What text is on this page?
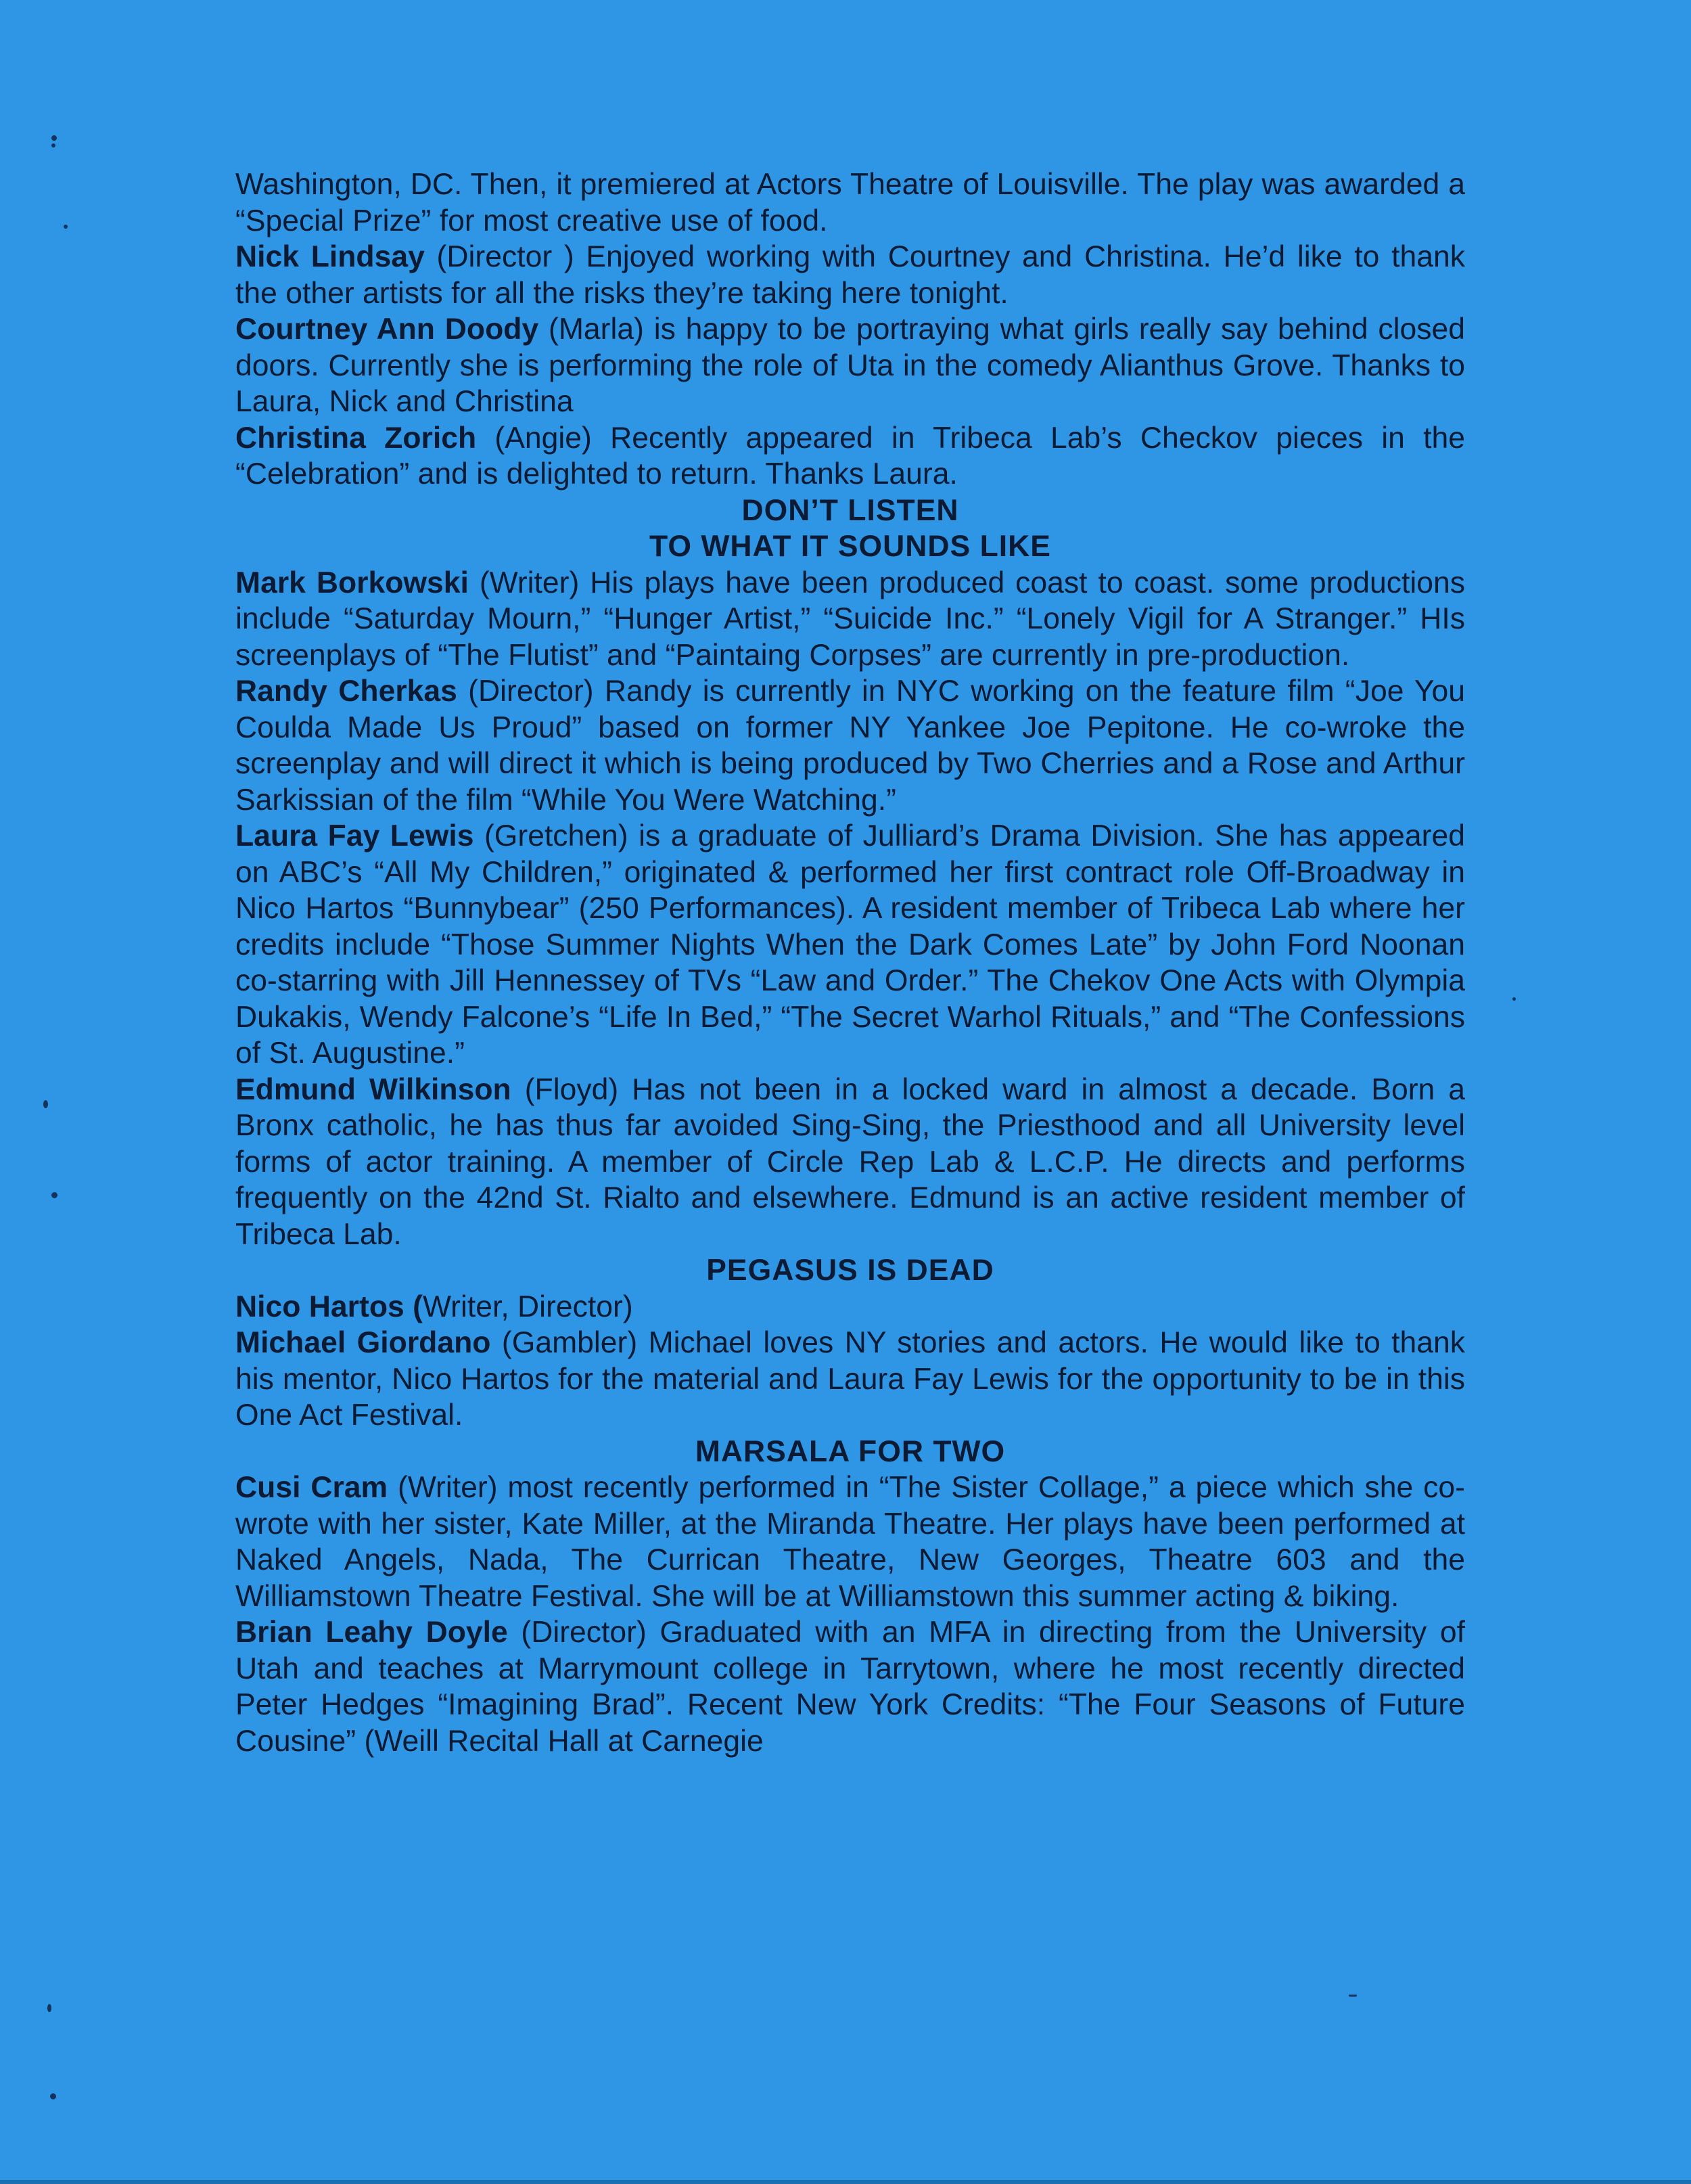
Washington, DC. Then, it premiered at Actors Theatre of Louisville. The play was awarded a “Special Prize” for most creative use of food.

Nick Lindsay (Director ) Enjoyed working with Courtney and Christina. He’d like to thank the other artists for all the risks they’re taking here tonight.

Courtney Ann Doody (Marla) is happy to be portraying what girls really say behind closed doors. Currently she is performing the role of Uta in the comedy Alianthus Grove. Thanks to Laura, Nick and Christina

Christina Zorich (Angie) Recently appeared in Tribeca Lab’s Checkov pieces in the “Celebration” and is delighted to return. Thanks Laura.

DON’T LISTEN

TO WHAT IT SOUNDS LIKE

Mark Borkowski (Writer) His plays have been produced coast to coast. some productions include “Saturday Mourn,” “Hunger Artist,” “Suicide Inc.” “Lonely Vigil for A Stranger.” HIs screenplays of “The Flutist” and “Paintaing Corpses” are currently in pre-production.

Randy Cherkas (Director) Randy is currently in NYC working on the feature film “Joe You Coulda Made Us Proud” based on former NY Yankee Joe Pepitone. He co-wroke the screenplay and will direct it which is being produced by Two Cherries and a Rose and Arthur Sarkissian of the film “While You Were Watching.”

Laura Fay Lewis (Gretchen) is a graduate of Julliard’s Drama Division. She has appeared on ABC’s “All My Children,” originated & performed her first contract role Off-Broadway in Nico Hartos “Bunnybear” (250 Performances). A resident member of Tribeca Lab where her credits include “Those Summer Nights When the Dark Comes Late” by John Ford Noonan co-starring with Jill Hennessey of TVs “Law and Order.” The Chekov One Acts with Olympia Dukakis, Wendy Falcone’s “Life In Bed,” “The Secret Warhol Rituals,” and “The Confessions of St. Augustine.”

Edmund Wilkinson (Floyd) Has not been in a locked ward in almost a decade. Born a Bronx catholic, he has thus far avoided Sing-Sing, the Priesthood and all University level forms of actor training. A member of Circle Rep Lab & L.C.P. He directs and performs frequently on the 42nd St. Rialto and elsewhere. Edmund is an active resident member of Tribeca Lab.

PEGASUS IS DEAD

Nico Hartos (Writer, Director)

Michael Giordano (Gambler) Michael loves NY stories and actors. He would like to thank his mentor, Nico Hartos for the material and Laura Fay Lewis for the opportunity to be in this One Act Festival.

MARSALA FOR TWO

Cusi Cram (Writer) most recently performed in “The Sister Collage,” a piece which she co-wrote with her sister, Kate Miller, at the Miranda Theatre. Her plays have been performed at Naked Angels, Nada, The Currican Theatre, New Georges, Theatre 603 and the Williamstown Theatre Festival. She will be at Williamstown this summer acting & biking.

Brian Leahy Doyle (Director) Graduated with an MFA in directing from the University of Utah and teaches at Marrymount college in Tarrytown, where he most recently directed Peter Hedges “Imagining Brad”. Recent New York Credits: “The Four Seasons of Future Cousine” (Weill Recital Hall at Carnegie
